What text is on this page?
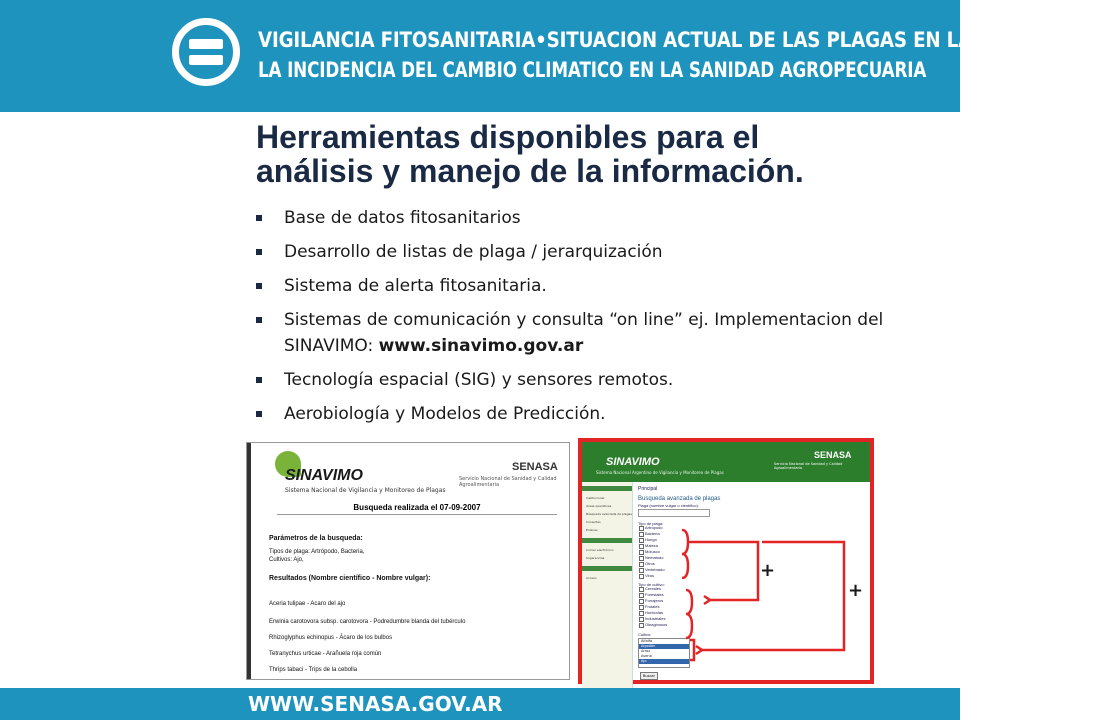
VIGILANCIA FITOSANITARIA•SITUACION ACTUAL DE LAS PLAGAS EN LA ARGENTINA
LA INCIDENCIA DEL CAMBIO CLIMATICO EN LA SANIDAD AGROPECUARIA
Herramientas disponibles para el
análisis y manejo de la información.
Base de datos fitosanitarios
Desarrollo de listas de plaga / jerarquización
Sistema de alerta fitosanitaria.
Sistemas de comunicación y consulta “on line” ej. Implementacion del SINAVIMO: www.sinavimo.gov.ar
Tecnología espacial (SIG) y sensores remotos.
Aerobiología y Modelos de Predicción.
SINAVIMO
Sistema Nacional de Vigilancia y Monitoreo de Plagas
SENASA
Servicio Nacional de Sanidad y Calidad Agroalimentaria
Busqueda realizada el 07-09-2007
Parámetros de la busqueda:
Tipos de plaga: Artrópodo, Bacteria,
Cultivos: Ajo,
Resultados (Nombre científico - Nombre vulgar):
Aceria tulipae - Acaro del ajo
Erwinia carotovora subsp. carotovora - Podredumbre blanda del tubérculo
Rhizoglyphus echinopus - Ácaro de los bulbos
Tetranychus urticae - Arañuela roja común
Thrips tabaci - Trips de la cebolla
SINAVIMO
Sistema Nacional Argentino de Vigilancia y Monitoreo de Plagas
SENASA
Servicio Nacional de Sanidad y Calidad Agroalimentaria
Institucional
Áreas operativas
Búsqueda avanzada de plagas
Consultas
Enlaces
Correo electrónico
Sugerencias
Acceso
Principal
Busqueda avanzada de plagas
Plaga (nombre vulgar o científico):
Tipo de plaga:
Artrópodo
Bacteria
Hongo
Maleza
Molusco
Nematodo
Otros
Vertebrado
Virus
Tipo de cultivo:
Cereales
Forestales
Forrajeros
Frutales
Hortícolas
Industriales
Oleaginosos
Cultivo:
Alfalfa
Algodón
Arroz
Avena
Ajo
Buscar
+
+
WWW.SENASA.GOV.AR
